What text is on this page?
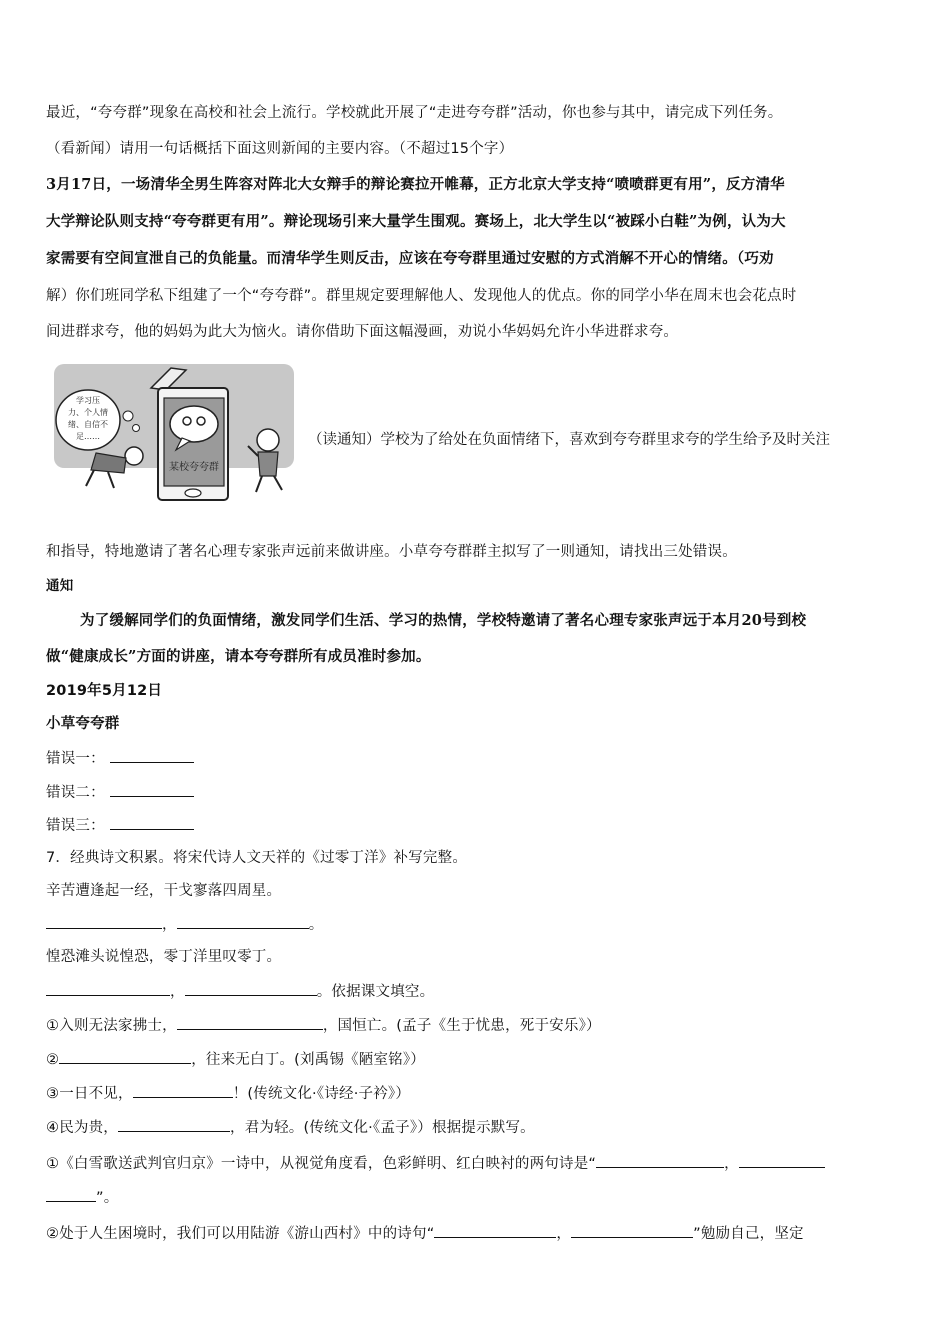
最近，“夸夸群”现象在高校和社会上流行。学校就此开展了“走进夸夸群”活动，你也参与其中，请完成下列任务。
（看新闻）请用一句话概括下面这则新闻的主要内容。（不超过15个字）
3月17日，一场清华全男生阵容对阵北大女辩手的辩论赛拉开帷幕，正方北京大学支持“喷喷群更有用”，反方清华
大学辩论队则支持“夸夸群更有用”。辩论现场引来大量学生围观。赛场上，北大学生以“被踩小白鞋”为例，认为大
家需要有空间宣泄自己的负能量。而清华学生则反击，应该在夸夸群里通过安慰的方式消解不开心的情绪。（巧劝
解）你们班同学私下组建了一个“夸夸群”。群里规定要理解他人、发现他人的优点。你的同学小华在周末也会花点时
间进群求夸，他的妈妈为此大为恼火。请你借助下面这幅漫画，劝说小华妈妈允许小华进群求夸。
某校夸夸群
学习压
力、个人情
绪、自信不
足……	（读通知）学校为了给处在负面情绪下，喜欢到夸夸群里求夸的学生给予及时关注
和指导，特地邀请了著名心理专家张声远前来做讲座。小草夸夸群群主拟写了一则通知，请找出三处错误。
通知
为了缓解同学们的负面情绪，激发同学们生活、学习的热情，学校特邀请了著名心理专家张声远于本月20号到校
做“健康成长”方面的讲座，请本夸夸群所有成员准时参加。
2019年5月12日
小草夸夸群
错误一：
错误二：
错误三：
7．经典诗文积累。将宋代诗人文天祥的《过零丁洋》补写完整。
辛苦遭逢起一经，干戈寥落四周星。
，	。
惶恐滩头说惶恐，零丁洋里叹零丁。
，	。依据课文填空。
①入则无法家拂士，	，国恒亡。(孟子《生于忧患，死于安乐》）
②	，往来无白丁。(刘禹锡《陋室铭》）
③一日不见，	！(传统文化·《诗经·子衿》）
④民为贵，	，君为轻。(传统文化·《孟子》）根据提示默写。
①《白雪歌送武判官归京》一诗中，从视觉角度看，色彩鲜明、红白映衬的两句诗是“	，
”。
②处于人生困境时，我们可以用陆游《游山西村》中的诗句“	，	”勉励自己，坚定
